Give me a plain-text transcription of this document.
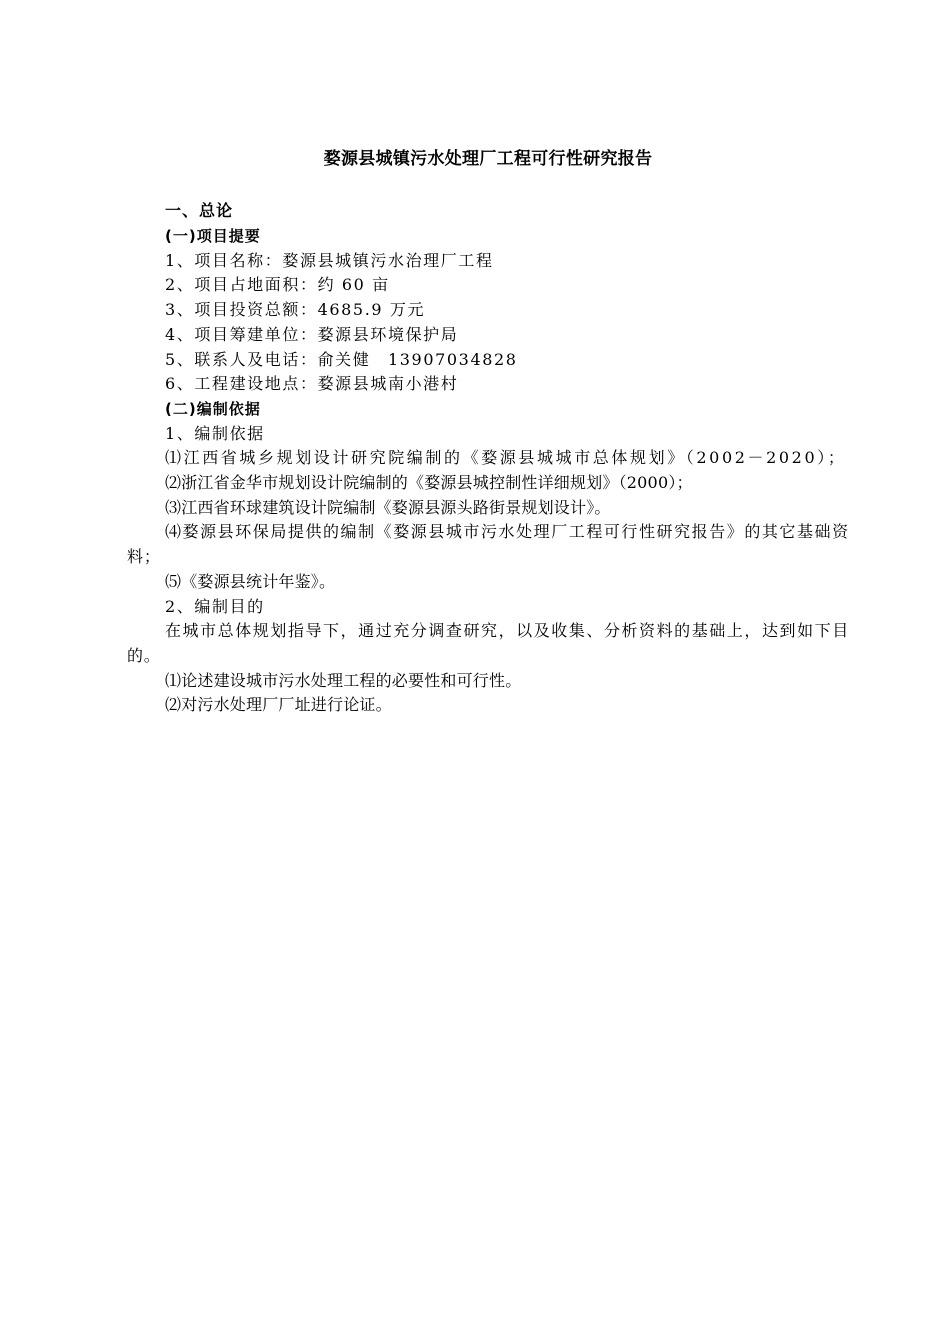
婺源县城镇污水处理厂工程可行性研究报告

一、总论

(一)项目提要

1、项目名称：婺源县城镇污水治理厂工程

2、项目占地面积：约 60 亩

3、项目投资总额：4685.9 万元

4、项目筹建单位：婺源县环境保护局

5、联系人及电话：俞关健　13907034828

6、工程建设地点：婺源县城南小港村

(二)编制依据

1、编制依据

⑴江西省城乡规划设计研究院编制的《婺源县城城市总体规划》（2002－2020）；

⑵浙江省金华市规划设计院编制的《婺源县城控制性详细规划》（2000）；

⑶江西省环球建筑设计院编制《婺源县源头路街景规划设计》。

⑷婺源县环保局提供的编制《婺源县城市污水处理厂工程可行性研究报告》的其它基础资料；

⑸《婺源县统计年鉴》。

2、编制目的

在城市总体规划指导下，通过充分调查研究，以及收集、分析资料的基础上，达到如下目的。

⑴论述建设城市污水处理工程的必要性和可行性。

⑵对污水处理厂厂址进行论证。
